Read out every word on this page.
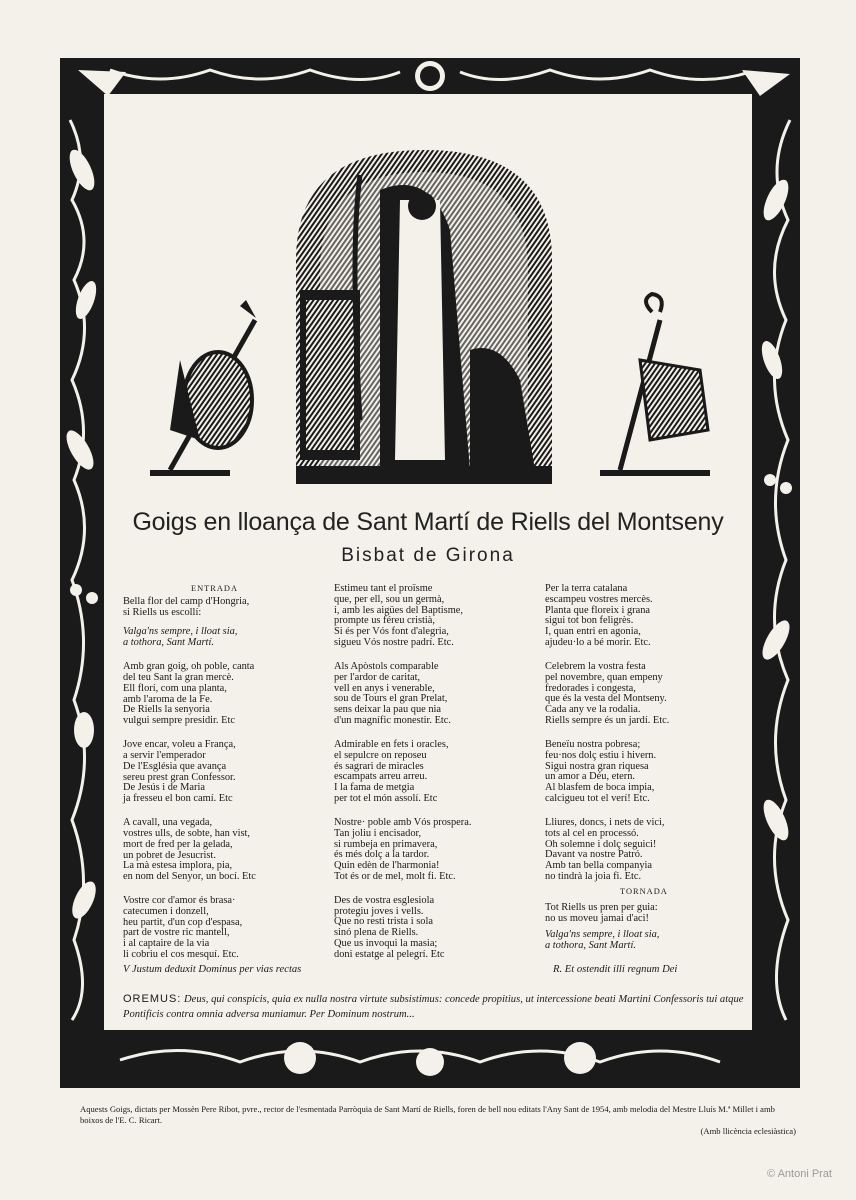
Goigs en lloança de Sant Martí de Riells del Montseny
Bisbat de Girona
ENTRADA
Bella flor del camp d'Hongria,
si Riells us escollí:
Valga'ns sempre, i lloat sia,
a tothora, Sant Martí.
Amb gran goig, oh poble, canta
del teu Sant la gran mercè.
Ell florí, com una planta,
amb l'aroma de la Fe.
De Riells la senyoria
vulgui sempre presidir. Etc
Jove encar, voleu a França,
a servir l'emperador
De l'Església que avança
sereu prest gran Confessor.
De Jesús i de Maria
ja fresseu el bon camí. Etc
A cavall, una vegada,
vostres ulls, de sobte, han vist,
mort de fred per la gelada,
un pobret de Jesucrist.
La mà estesa implora, pia,
en nom del Senyor, un bocí. Etc
Vostre cor d'amor és brasa·
catecumen i donzell,
heu partit, d'un cop d'espasa,
part de vostre ric mantell,
i al captaire de la via
li cobriu el cos mesquí. Etc.
Estimeu tant el proïsme
que, per ell, sou un germà,
i, amb les aigües del Baptisme,
prompte us féreu cristià,
Si és per Vós font d'alegria,
sigueu Vós nostre padrí. Etc.
Als Apòstols comparable
per l'ardor de caritat,
vell en anys i venerable,
sou de Tours el gran Prelat,
sens deixar la pau que nia
d'un magnífic monestir. Etc.
Admirable en fets i oracles,
el sepulcre on reposeu
és sagrari de miracles
escampats arreu arreu.
I la fama de metgia
per tot el món assolí. Etc
Nostre· poble amb Vós prospera.
Tan joliu i encisador,
si rumbeja en primavera,
és més dolç a la tardor.
Quin edèn de l'harmonia!
Tot és or de mel, molt fi. Etc.
Des de vostra esglesiola
protegiu joves i vells.
Que no resti trista i sola
sinó plena de Riells.
Que us invoqui la masia;
doni estatge al pelegrí. Etc
Per la terra catalana
escampeu vostres mercès.
Planta que floreix i grana
sigui tot bon feligrès.
I, quan entri en agonia,
ajudeu·lo a bé morir. Etc.
Celebrem la vostra festa
pel novembre, quan empeny
fredorades i congesta,
que és la vesta del Montseny.
Cada any ve la rodalia.
Riells sempre és un jardí. Etc.
Beneïu nostra pobresa;
feu·nos dolç estiu i hivern.
Sigui nostra gran riquesa
un amor a Déu, etern.
Al blasfem de boca impia,
calcigueu tot el verí! Etc.
Lliures, doncs, i nets de vici,
tots al cel en processó.
Oh solemne i dolç seguici!
Davant va nostre Patró.
Amb tan bella companyia
no tindrà la joia fi. Etc.
TORNADA
Tot Riells us pren per guia:
no us moveu jamai d'aci!
Valga'ns sempre, i lloat sia,
a tothora, Sant Martí.
V Justum deduxit Dominus per vias rectas	R. Et ostendit illi regnum Dei
OREMUS: Deus, qui conspicis, quia ex nulla nostra virtute subsistimus: concede propitius, ut intercessione beati Martini Confessoris tui atque Pontificis contra omnia adversa muniamur. Per Dominum nostrum...
Aquests Goigs, dictats per Mossèn Pere Ribot, pvre., rector de l'esmentada Parròquia de Sant Martí de Riells, foren de bell nou editats l'Any Sant de 1954, amb melodia del Mestre Lluís M.ª Millet i amb boixos de l'E. C. Ricart.
(Amb llicència eclesiàstica)
© Antoni Prat
